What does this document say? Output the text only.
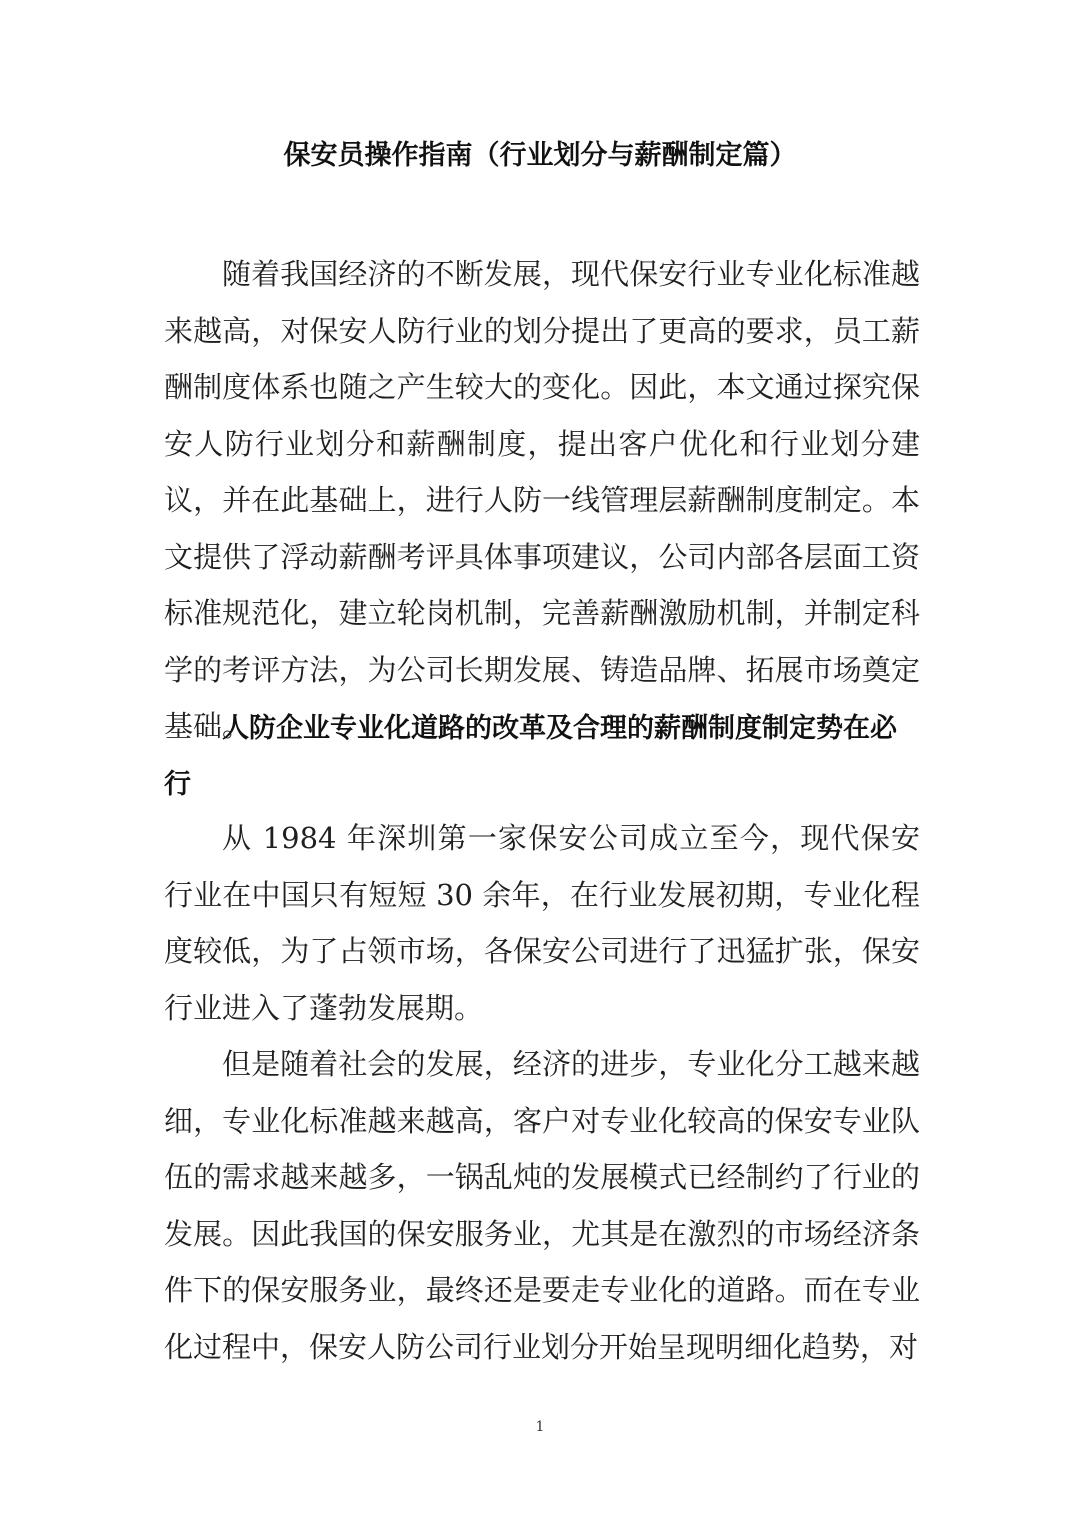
保安员操作指南（行业划分与薪酬制定篇）

随着我国经济的不断发展，现代保安行业专业化标准越来越高，对保安人防行业的划分提出了更高的要求，员工薪酬制度体系也随之产生较大的变化。因此，本文通过探究保安人防行业划分和薪酬制度，提出客户优化和行业划分建议，并在此基础上，进行人防一线管理层薪酬制度制定。本文提供了浮动薪酬考评具体事项建议，公司内部各层面工资标准规范化，建立轮岗机制，完善薪酬激励机制，并制定科学的考评方法，为公司长期发展、铸造品牌、拓展市场奠定基础。

人防企业专业化道路的改革及合理的薪酬制度制定势在必行

从 1984 年深圳第一家保安公司成立至今，现代保安行业在中国只有短短 30 余年，在行业发展初期，专业化程度较低，为了占领市场，各保安公司进行了迅猛扩张，保安行业进入了蓬勃发展期。

但是随着社会的发展，经济的进步，专业化分工越来越细，专业化标准越来越高，客户对专业化较高的保安专业队伍的需求越来越多，一锅乱炖的发展模式已经制约了行业的发展。因此我国的保安服务业，尤其是在激烈的市场经济条件下的保安服务业，最终还是要走专业化的道路。而在专业化过程中，保安人防公司行业划分开始呈现明细化趋势，对

1
